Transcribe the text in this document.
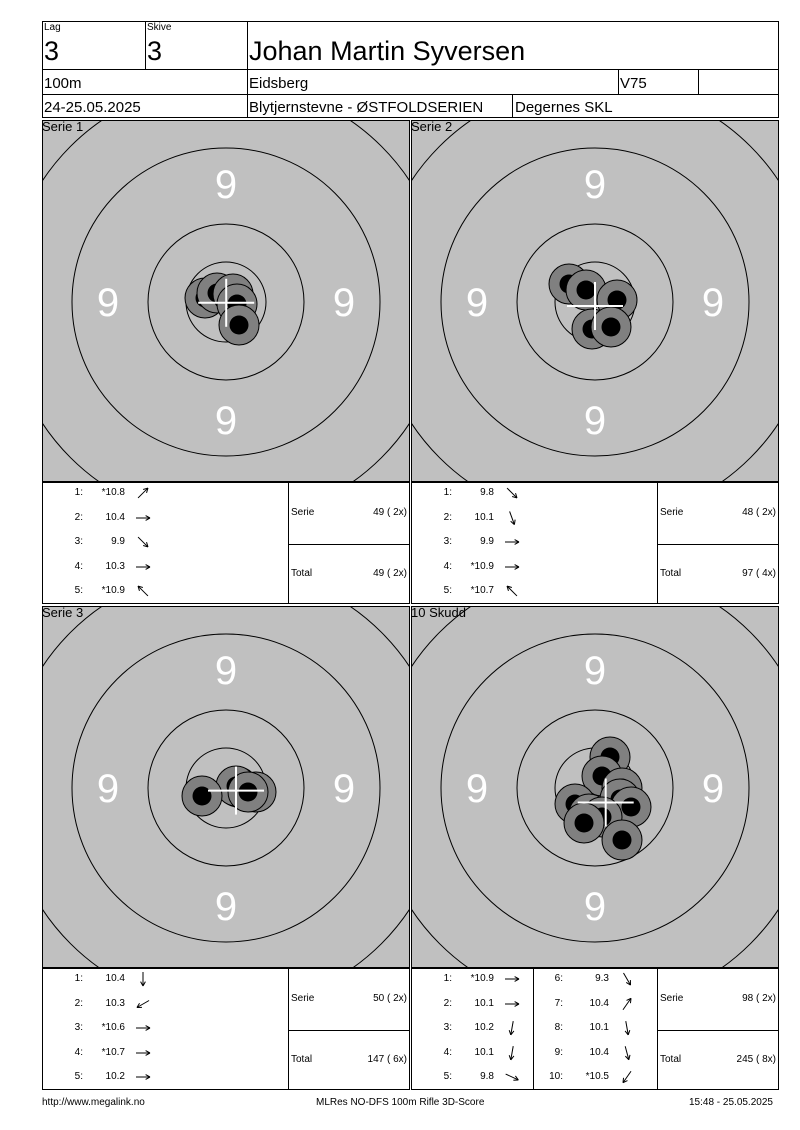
Lag
3
Skive
3	Johan Martin Syversen
100m	Eidsberg	V75
24-25.05.2025	Blytjernstevne - ØSTFOLDSERIEN Degernes SKL
9
9
9	9
Serie 1
1:	*10.8
2:	10.4
3:	9.9
4:	10.3
5:	*10.9
Serie	49 ( 2x)
Total	49 ( 2x)
9
9
9	9
Serie 2
1:	9.8
2:	10.1
3:	9.9
4:	*10.9
5:	*10.7
Serie	48 ( 2x)
Total	97 ( 4x)
9
9
9	9
Serie 3
1:	10.4
2:	10.3
3:	*10.6
4:	*10.7
5:	10.2
Serie	50 ( 2x)
Total	147 ( 6x)
9
9
9	9
10 Skudd
1:	*10.9
2:	10.1
3:	10.2
4:	10.1
5:	9.8
6:	9.3
7:	10.4
8:	10.1
9:	10.4
10:	*10.5
Serie	98 ( 2x)
Total	245 ( 8x)
http://www.megalink.no	MLRes NO-DFS 100m Rifle 3D-Score	15:48 - 25.05.2025
